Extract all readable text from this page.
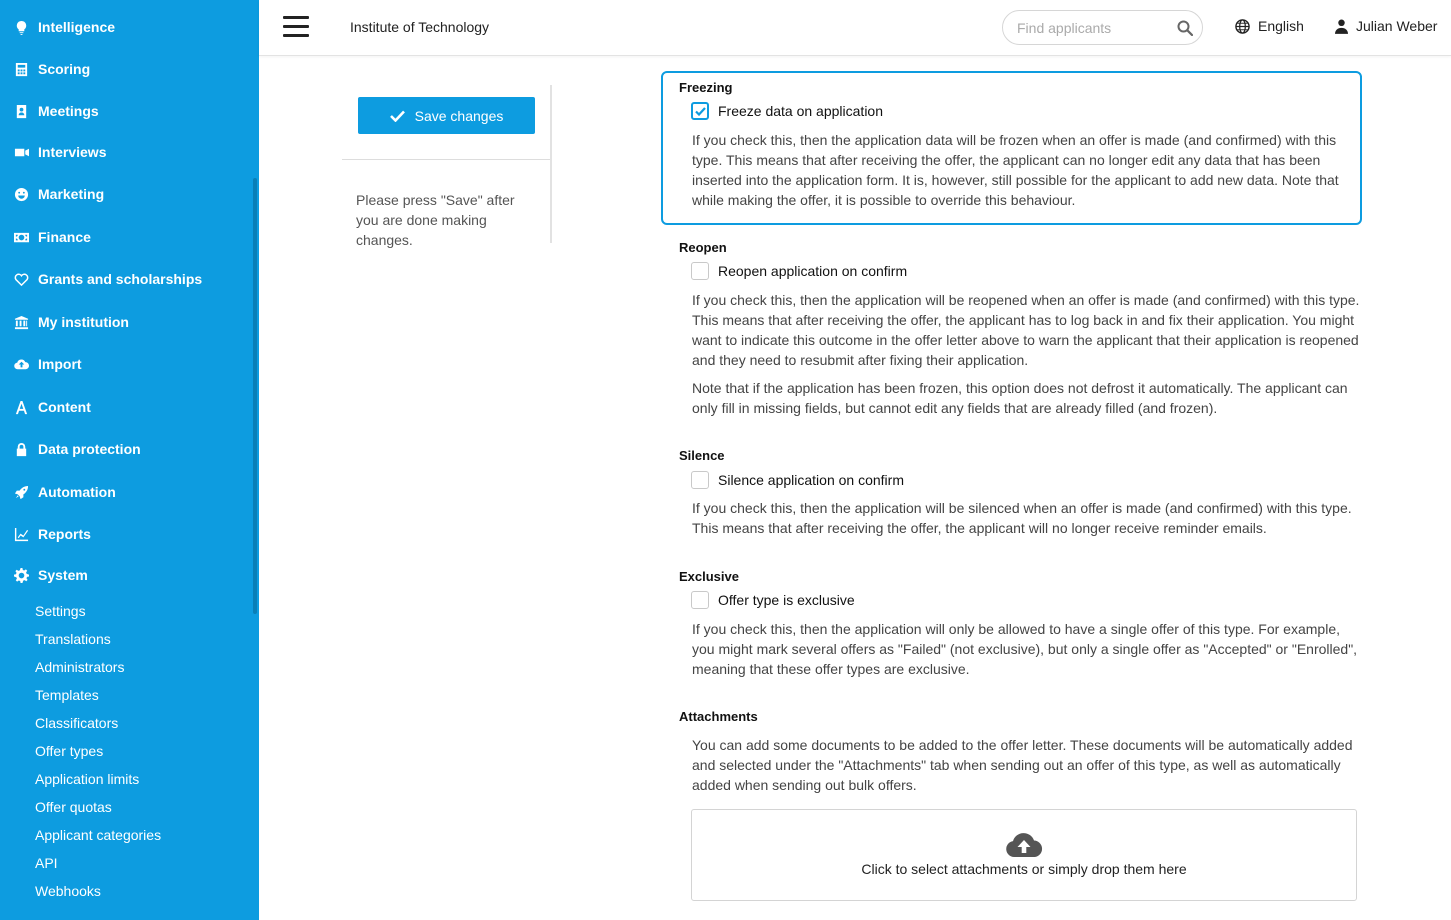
Intelligence
Scoring
Meetings
Interviews
Marketing
Finance
Grants and scholarships
My institution
Import
Content
Data protection
Automation
Reports
System
Settings
Translations
Administrators
Templates
Classificators
Offer types
Application limits
Offer quotas
Applicant categories
API
Webhooks
Institute of Technology
Find applicants	English	Julian Weber
Save changes
Please press "Save" after you are done making changes.
Freezing
Freeze data on application
If you check this, then the application data will be frozen when an offer is made (and confirmed) with this type. This means that after receiving the offer, the applicant can no longer edit any data that has been inserted into the application form. It is, however, still possible for the applicant to add new data. Note that while making the offer, it is possible to override this behaviour.
Reopen
Reopen application on confirm
If you check this, then the application will be reopened when an offer is made (and confirmed) with this type. This means that after receiving the offer, the applicant has to log back in and fix their application. You might want to indicate this outcome in the offer letter above to warn the applicant that their application is reopened and they need to resubmit after fixing their application.
Note that if the application has been frozen, this option does not defrost it automatically. The applicant can only fill in missing fields, but cannot edit any fields that are already filled (and frozen).
Silence
Silence application on confirm
If you check this, then the application will be silenced when an offer is made (and confirmed) with this type. This means that after receiving the offer, the applicant will no longer receive reminder emails.
Exclusive
Offer type is exclusive
If you check this, then the application will only be allowed to have a single offer of this type. For example, you might mark several offers as "Failed" (not exclusive), but only a single offer as "Accepted" or "Enrolled", meaning that these offer types are exclusive.
Attachments
You can add some documents to be added to the offer letter. These documents will be automatically added and selected under the "Attachments" tab when sending out an offer of this type, as well as automatically added when sending out bulk offers.
Click to select attachments or simply drop them here
